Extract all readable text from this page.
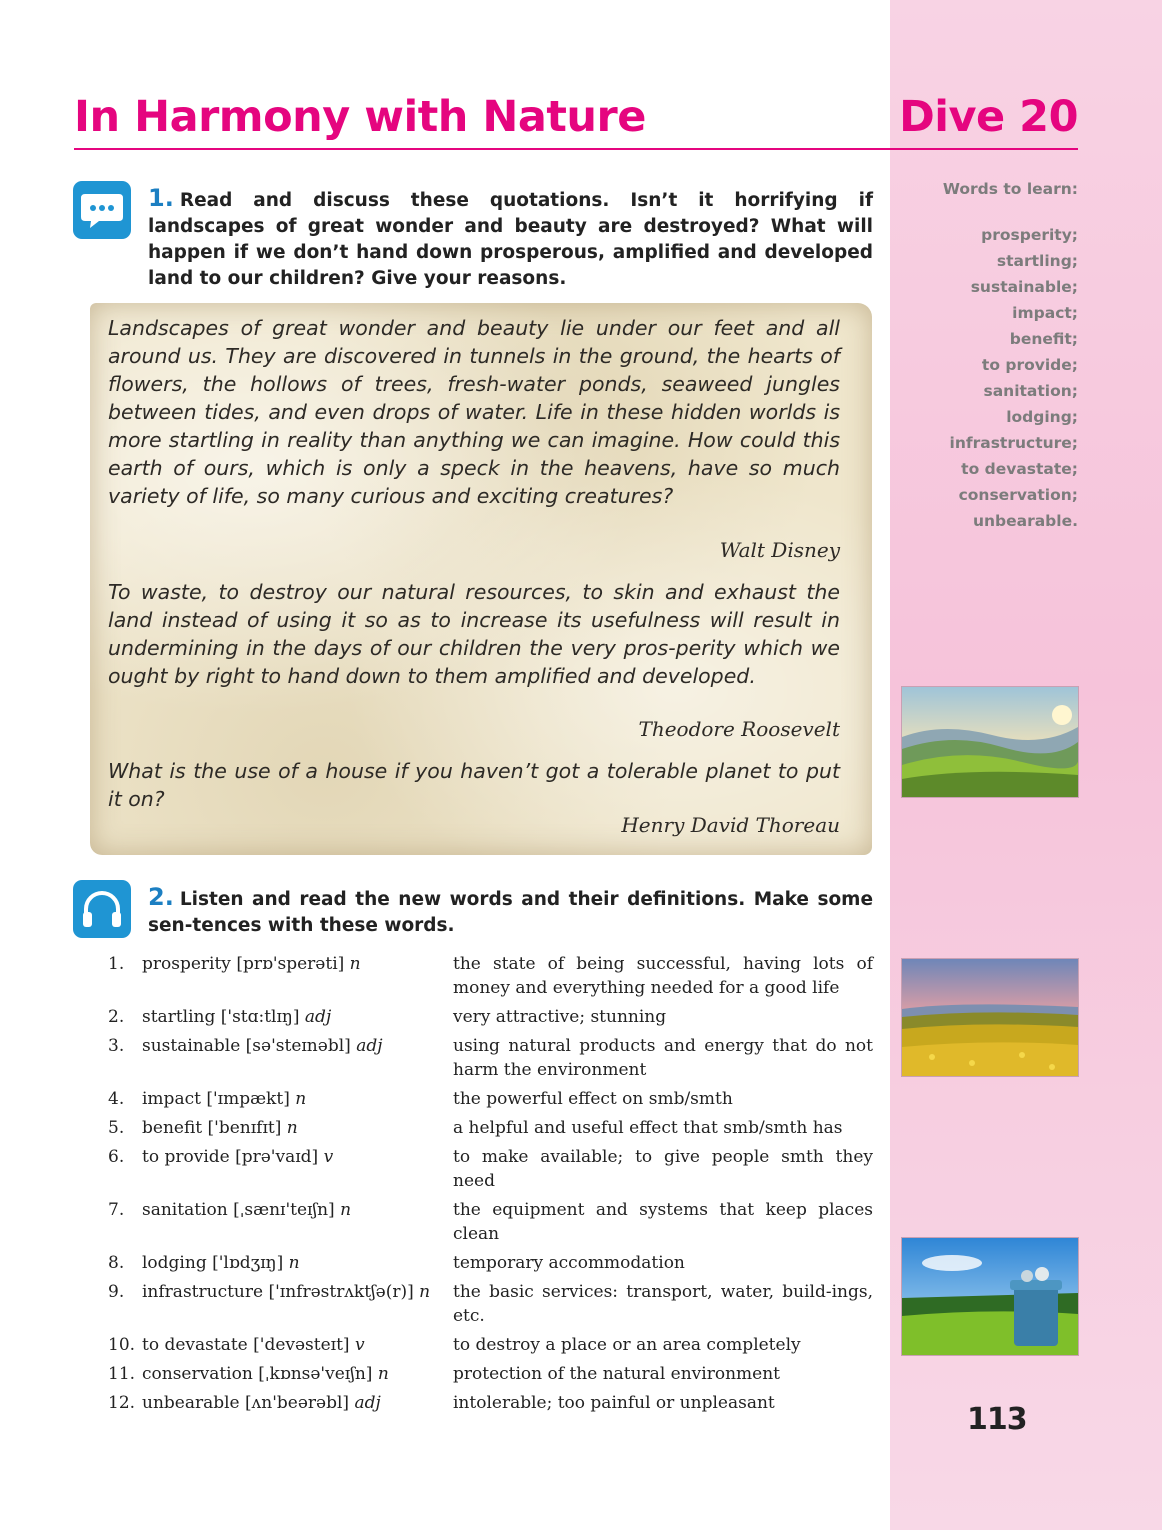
In Harmony with Nature	Dive 20
1. Read and discuss these quotations. Isn’t it horrifying if landscapes of great wonder and beauty are destroyed? What will happen if we don’t hand down prosperous, amplified and developed land to our children? Give your reasons.
Landscapes of great wonder and beauty lie under our feet and all around us. They are discovered in tunnels in the ground, the hearts of flowers, the hollows of trees, fresh-water ponds, seaweed jungles between tides, and even drops of water. Life in these hidden worlds is more startling in reality than anything we can imagine. How could this earth of ours, which is only a speck in the heavens, have so much variety of life, so many curious and exciting creatures?
Walt Disney
To waste, to destroy our natural resources, to skin and exhaust the land instead of using it so as to increase its usefulness will result in undermining in the days of our children the very pros-perity which we ought by right to hand down to them amplified and developed.
Theodore Roosevelt
What is the use of a house if you haven’t got a tolerable planet to put it on?
Henry David Thoreau
Words to learn:
prosperity;
startling;
sustainable;
impact;
benefit;
to provide;
sanitation;
lodging;
infrastructure;
to devastate;
conservation;
unbearable.
2. Listen and read the new words and their definitions. Make some sen-tences with these words.
1.	prosperity [prɒ'sperəti] n	the state of being successful, having lots of money and everything needed for a good life
2.	startling ['stɑ:tlɪŋ] adj	very attractive; stunning
3.	sustainable [sə'steɪnəbl] adj	using natural products and energy that do not harm the environment
4.	impact ['ɪmpækt] n	the powerful effect on smb/smth
5.	benefit ['benɪfɪt] n	a helpful and useful effect that smb/smth has
6.	to provide [prə'vaɪd] v	to make available; to give people smth they need
7.	sanitation [ˌsænɪ'teɪʃn] n	the equipment and systems that keep places clean
8.	lodging ['lɒdʒɪŋ] n	temporary accommodation
9.	infrastructure ['ɪnfrəstrʌktʃə(r)] n	the basic services: transport, water, build-ings, etc.
10. to devastate ['devəsteɪt] v	to destroy a place or an area completely
11. conservation [ˌkɒnsə'veɪʃn] n	protection of the natural environment
12. unbearable [ʌn'beərəbl] adj	intolerable; too painful or unpleasant	113
